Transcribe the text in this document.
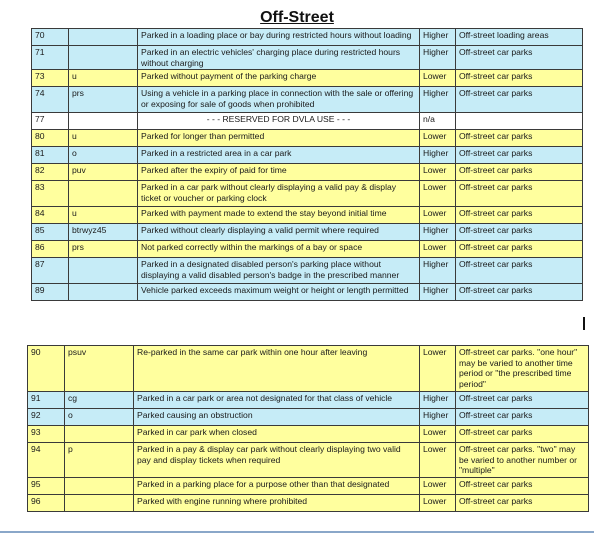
Off-Street
70		Parked in a loading place or bay during restricted hours without loading	Higher	Off-street loading areas
71		Parked in an electric vehicles' charging place during restricted hours without charging	Higher	Off-street car parks
73	u	Parked without payment of the parking charge	Lower	Off-street car parks
74	prs	Using a vehicle in a parking place in connection with the sale or offering or exposing for sale of goods when prohibited	Higher	Off-street car parks
77		- - - RESERVED FOR DVLA USE - - -	n/a	
80	u	Parked for longer than permitted	Lower	Off-street car parks
81	o	Parked in a restricted area in a car park	Higher	Off-street car parks
82	puv	Parked after the expiry of paid for time	Lower	Off-street car parks
83		Parked in a car park without clearly displaying a valid pay & display ticket or voucher or parking clock	Lower	Off-street car parks
84	u	Parked with payment made to extend the stay beyond initial time	Lower	Off-street car parks
85	btrwyz45	Parked without clearly displaying a valid permit where required	Higher	Off-street car parks
86	prs	Not parked correctly within the markings of a bay or space	Lower	Off-street car parks
87		Parked in a designated disabled person's parking place without displaying a valid disabled person's badge in the prescribed manner	Higher	Off-street car parks
89		Vehicle parked exceeds maximum weight or height or length permitted	Higher	Off-street car parks
90	psuv	Re-parked in the same car park within one hour after leaving	Lower	Off-street car parks. "one hour" may be varied to another time period or "the prescribed time period"
91	cg	Parked in a car park or area not designated for that class of vehicle	Higher	Off-street car parks
92	o	Parked causing an obstruction	Higher	Off-street car parks
93		Parked in car park when closed	Lower	Off-street car parks
94	p	Parked in a pay & display car park without clearly displaying two valid pay and display tickets when required	Lower	Off-street car parks. "two" may be varied to another number or "multiple"
95		Parked in a parking place for a purpose other than that designated	Lower	Off-street car parks
96		Parked with engine running where prohibited	Lower	Off-street car parks
